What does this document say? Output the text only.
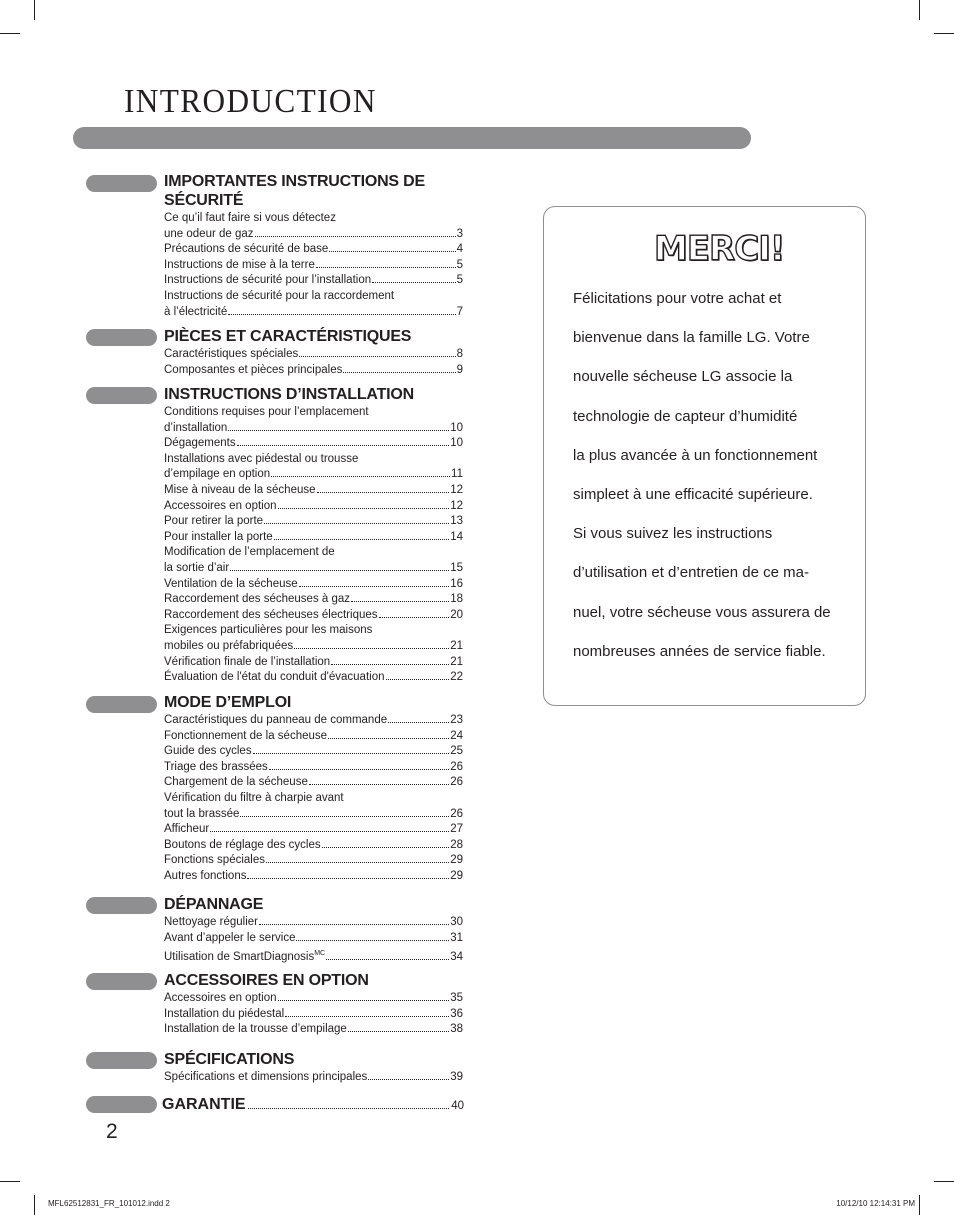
INTRODUCTION
IMPORTANTES INSTRUCTIONS DE SÉCURITÉ
Ce qu’il faut faire si vous détectez
une odeur de gaz	3
Précautions de sécurité de base	4
Instructions de mise à la terre	5
Instructions de sécurité pour l’installation	5
Instructions de sécurité pour la raccordement
à l’électricité	7
PIÈCES ET CARACTÉRISTIQUES
Caractéristiques spéciales	8
Composantes et pièces principales	9
INSTRUCTIONS D’INSTALLATION
Conditions requises pour l’emplacement
d’installation	10
Dégagements	10
Installations avec piédestal ou trousse
d’empilage en option	11
Mise à niveau de la sécheuse	12
Accessoires en option	12
Pour retirer la porte	13
Pour installer la porte	14
Modification de l’emplacement de
la sortie d’air	15
Ventilation de la sécheuse	16
Raccordement des sécheuses à gaz	18
Raccordement des sécheuses électriques	20
Exigences particulières pour les maisons
mobiles ou préfabriquées	21
Vérification finale de l’installation	21
Évaluation de l'état du conduit d'évacuation	22
MODE D’EMPLOI
Caractéristiques du panneau de commande	23
Fonctionnement de la sécheuse	24
Guide des cycles	25
Triage des brassées	26
Chargement de la sécheuse	26
Vérification du filtre à charpie avant
tout la brassée	26
Afficheur	27
Boutons de réglage des cycles	28
Fonctions spéciales	29
Autres fonctions	29
DÉPANNAGE
Nettoyage régulier	30
Avant d’appeler le service	31
Utilisation de SmartDiagnosis$^{MC}$	34
ACCESSOIRES EN OPTION
Accessoires en option	35
Installation du piédestal	36
Installation de la trousse d’empilage	38
SPÉCIFICATIONS
Spécifications et dimensions principales	39
GARANTIE	40
2
MERCI!
Félicitations pour votre achat et
bienvenue dans la famille LG. Votre
nouvelle sécheuse LG associe la
technologie de capteur d’humidité
la plus avancée à un fonctionnement
simpleet à une efficacité supérieure.
Si vous suivez les instructions
d’utilisation et d’entretien de ce ma-
nuel, votre sécheuse vous assurera de
nombreuses années de service fiable.
MFL62512831_FR_101012.indd 2	10/12/10 12:14:31 PM
